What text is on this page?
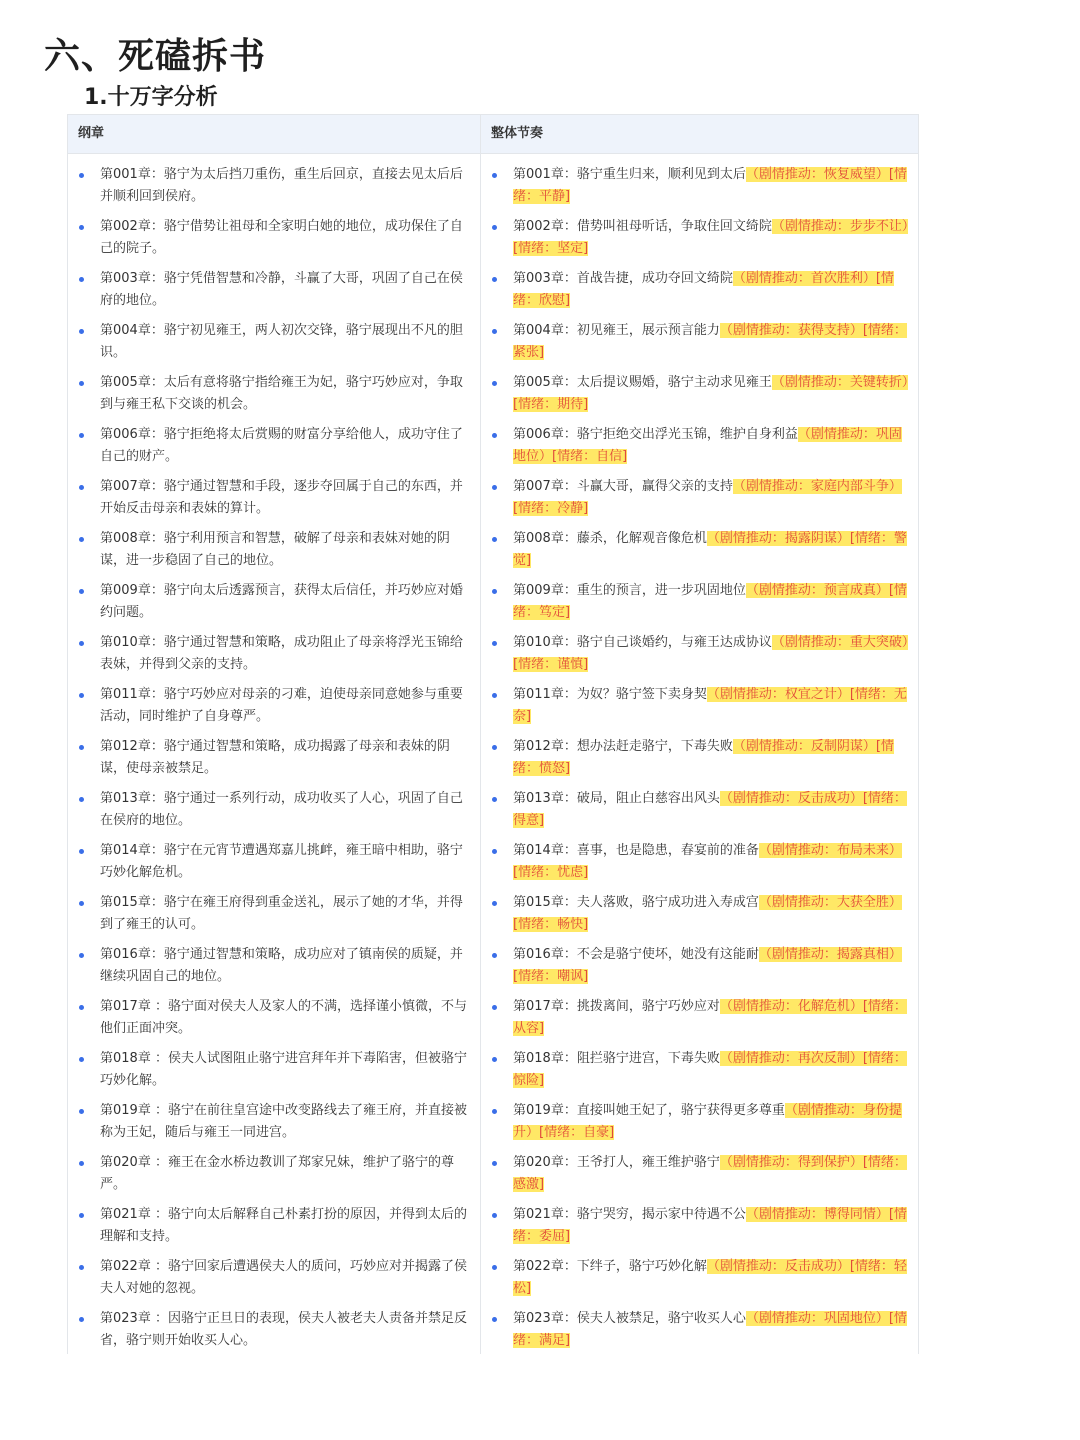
六、死磕拆书
1.十万字分析
纲章	整体节奏
第001章：骆宁为太后挡刀重伤，重生后回京，直接去见太后后并顺利回到侯府。
第002章：骆宁借势让祖母和全家明白她的地位，成功保住了自己的院子。
第003章：骆宁凭借智慧和冷静，斗赢了大哥，巩固了自己在侯府的地位。
第004章：骆宁初见雍王，两人初次交锋，骆宁展现出不凡的胆识。
第005章：太后有意将骆宁指给雍王为妃，骆宁巧妙应对，争取到与雍王私下交谈的机会。
第006章：骆宁拒绝将太后赏赐的财富分享给他人，成功守住了自己的财产。
第007章：骆宁通过智慧和手段，逐步夺回属于自己的东西，并开始反击母亲和表妹的算计。
第008章：骆宁利用预言和智慧，破解了母亲和表妹对她的阴谋，进一步稳固了自己的地位。
第009章：骆宁向太后透露预言，获得太后信任，并巧妙应对婚约问题。
第010章：骆宁通过智慧和策略，成功阻止了母亲将浮光玉锦给表妹，并得到父亲的支持。
第011章：骆宁巧妙应对母亲的刁难，迫使母亲同意她参与重要活动，同时维护了自身尊严。
第012章：骆宁通过智慧和策略，成功揭露了母亲和表妹的阴谋，使母亲被禁足。
第013章：骆宁通过一系列行动，成功收买了人心，巩固了自己在侯府的地位。
第014章：骆宁在元宵节遭遇郑嘉儿挑衅，雍王暗中相助，骆宁巧妙化解危机。
第015章：骆宁在雍王府得到重金送礼，展示了她的才华，并得到了雍王的认可。
第016章：骆宁通过智慧和策略，成功应对了镇南侯的质疑，并继续巩固自己的地位。
第017章 ：骆宁面对侯夫人及家人的不满，选择谨小慎微，不与他们正面冲突。
第018章 ：侯夫人试图阻止骆宁进宫拜年并下毒陷害，但被骆宁巧妙化解。
第019章 ：骆宁在前往皇宫途中改变路线去了雍王府，并直接被称为王妃，随后与雍王一同进宫。
第020章 ：雍王在金水桥边教训了郑家兄妹，维护了骆宁的尊严。
第021章 ：骆宁向太后解释自己朴素打扮的原因，并得到太后的理解和支持。
第022章 ：骆宁回家后遭遇侯夫人的质问，巧妙应对并揭露了侯夫人对她的忽视。
第023章 ：因骆宁正旦日的表现，侯夫人被老夫人责备并禁足反省，骆宁则开始收买人心。
第001章：骆宁重生归来，顺利见到太后（剧情推动：恢复威望）[情绪：平静]
第002章：借势叫祖母听话，争取住回文绮院（剧情推动：步步不让）[情绪：坚定]
第003章：首战告捷，成功夺回文绮院（剧情推动：首次胜利）[情绪：欣慰]
第004章：初见雍王，展示预言能力（剧情推动：获得支持）[情绪：紧张]
第005章：太后提议赐婚，骆宁主动求见雍王（剧情推动：关键转折）[情绪：期待]
第006章：骆宁拒绝交出浮光玉锦，维护自身利益（剧情推动：巩固地位）[情绪：自信]
第007章：斗赢大哥，赢得父亲的支持（剧情推动：家庭内部斗争）[情绪：冷静]
第008章：藤杀，化解观音像危机（剧情推动：揭露阴谋）[情绪：警觉]
第009章：重生的预言，进一步巩固地位（剧情推动：预言成真）[情绪：笃定]
第010章：骆宁自己谈婚约，与雍王达成协议（剧情推动：重大突破）[情绪：谨慎]
第011章：为奴？骆宁签下卖身契（剧情推动：权宜之计）[情绪：无奈]
第012章：想办法赶走骆宁，下毒失败（剧情推动：反制阴谋）[情绪：愤怒]
第013章：破局，阻止白慈容出风头（剧情推动：反击成功）[情绪：得意]
第014章：喜事，也是隐患，春宴前的准备（剧情推动：布局未来）[情绪：忧虑]
第015章：夫人落败，骆宁成功进入寿成宫（剧情推动：大获全胜）[情绪：畅快]
第016章：不会是骆宁使坏，她没有这能耐（剧情推动：揭露真相）[情绪：嘲讽]
第017章：挑拨离间，骆宁巧妙应对（剧情推动：化解危机）[情绪：从容]
第018章：阻拦骆宁进宫，下毒失败（剧情推动：再次反制）[情绪：惊险]
第019章：直接叫她王妃了，骆宁获得更多尊重（剧情推动：身份提升）[情绪：自豪]
第020章：王爷打人，雍王维护骆宁（剧情推动：得到保护）[情绪：感激]
第021章：骆宁哭穷，揭示家中待遇不公（剧情推动：博得同情）[情绪：委屈]
第022章：下绊子，骆宁巧妙化解（剧情推动：反击成功）[情绪：轻松]
第023章：侯夫人被禁足，骆宁收买人心（剧情推动：巩固地位）[情绪：满足]
